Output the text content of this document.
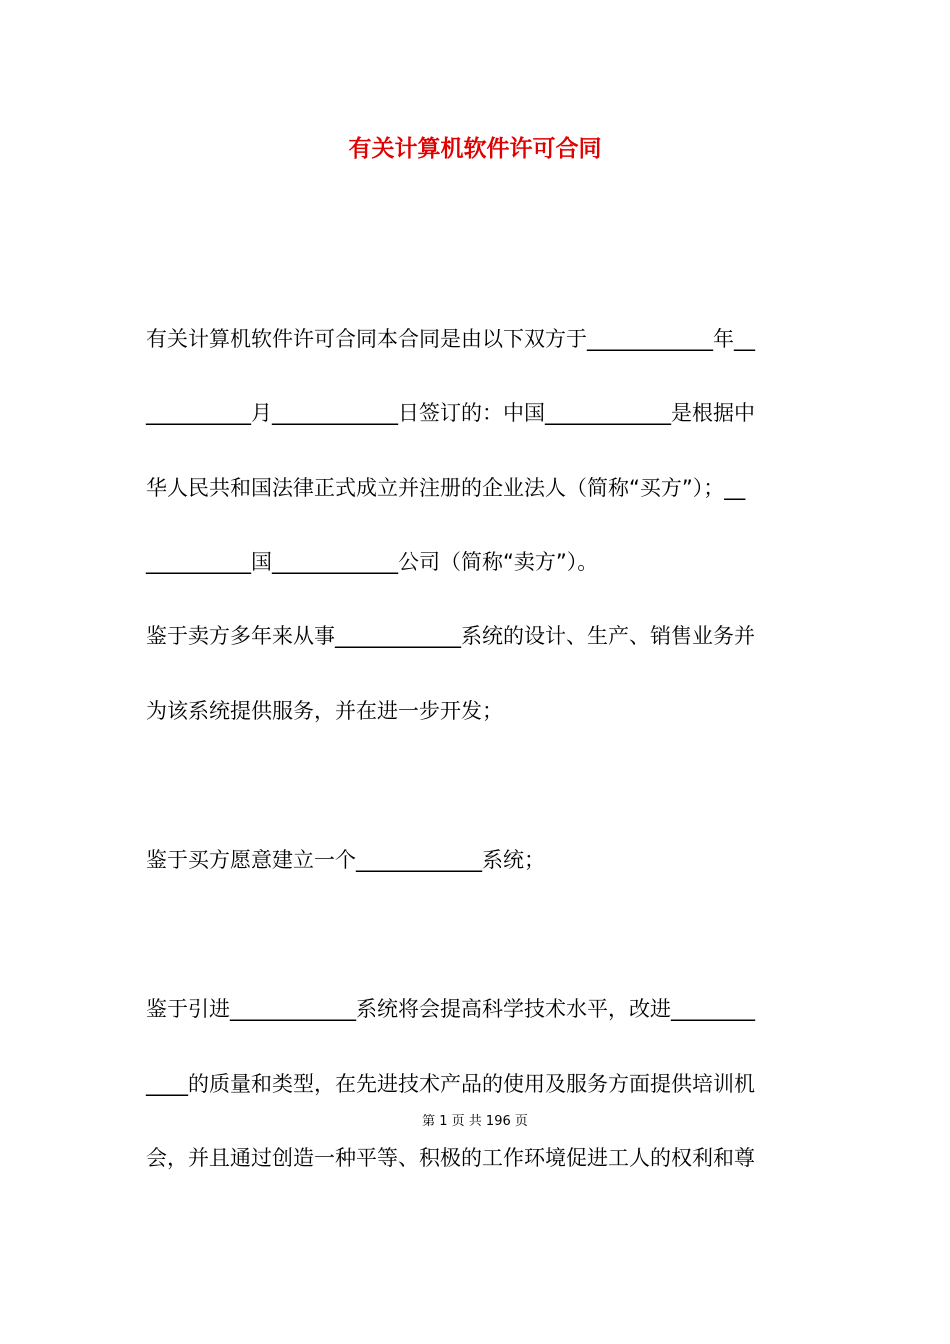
有关计算机软件许可合同

有关计算机软件许可合同本合同是由以下双方于____________年__

__________月____________日签订的：中国____________是根据中

华人民共和国法律正式成立并注册的企业法人（简称“买方”）；__

__________国____________公司（简称“卖方”）。

鉴于卖方多年来从事____________系统的设计、生产、销售业务并

为该系统提供服务，并在进一步开发；

鉴于买方愿意建立一个____________系统；

鉴于引进____________系统将会提高科学技术水平，改进________

____的质量和类型，在先进技术产品的使用及服务方面提供培训机

第 1 页 共 196 页

会，并且通过创造一种平等、积极的工作环境促进工人的权利和尊
